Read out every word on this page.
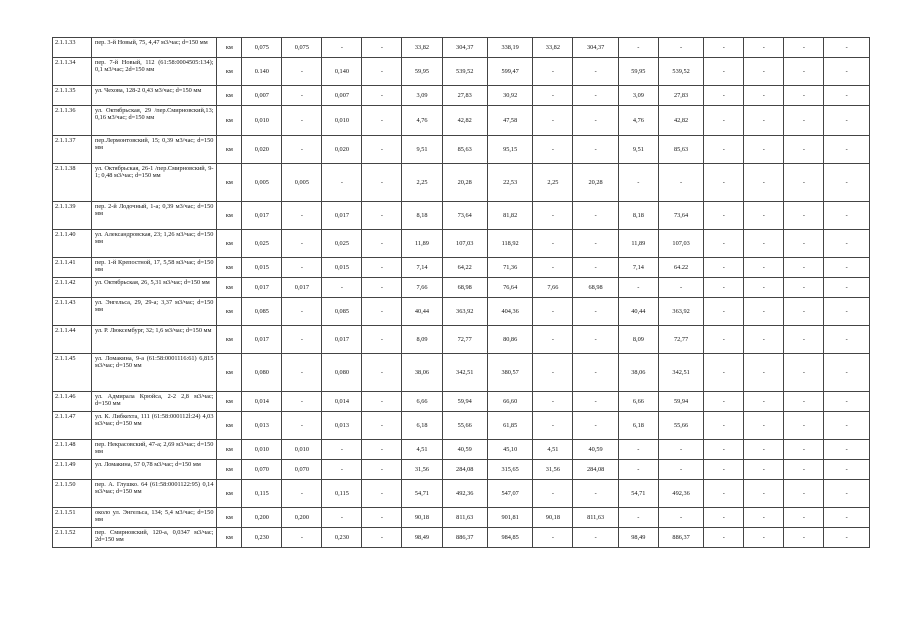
2.1.1.33	пер. 3-й Новый, 75, 4,47 м3/час; d=150 мм	км	0,075	0,075	-	-	33,82	304,37	338,19	33,82	304,37	-	-	-	-	-	-
2.1.1.34	пер. 7-й Новый, 112 (61:58:0004505:134); 0,1 м3/час; 2d=150 мм	км	0.140	-	0,140	-	59,95	539,52	599,47	-	-	59,95	539,52	-	-	-	-
2.1.1.35	ул. Чехова, 128-2 0,43 м3/час; d=150 мм	км	0,007	-	0,007	-	3,09	27,83	30,92	-	-	3,09	27,83	-	-	-	-
2.1.1.36	ул. Октябрьская, 29 /пер.Смирновский,13; 0,16 м3/час; d=150 мм	км	0,010	-	0,010	-	4,76	42,82	47,58	-	-	4,76	42,82	-	-	-	-
2.1.1.37	пер.Лермонтовский, 15; 0,39 м3/час; d=150 мм	км	0,020	-	0,020	-	9,51	85,63	95,15	-	-	9,51	85,63	-	-	-	-
2.1.1.38	ул. Октябрьская, 26-1 /пер.Смирновский, 9-1; 0,48 м3/час; d=150 мм	км	0,005	0,005	-	-	2,25	20,28	22,53	2,25	20,28	-	-	-	-	-	-
2.1.1.39	пер. 2-й Лодочный, 1-а; 0,39 м3/час; d=150 мм	км	0,017	-	0,017	-	8,18	73,64	81,82	-	-	8,18	73,64	-	-	-	-
2.1.1.40	ул. Александровская, 23; 1,26 м3/час; d=150 мм	км	0,025	-	0,025	-	11,89	107,03	118,92	-	-	11,89	107,03	-	-	-	-
2.1.1.41	пер. 1-й Крепостной, 17, 5,58 м3/час; d=150 мм	км	0,015	-	0,015	-	7,14	64,22	71,36	-	-	7,14	64.22	-	-	-	-
2.1.1.42	ул. Октябрьская, 26, 5,31 м3/час; d=150 мм	км	0,017	0,017	-	-	7,66	68,98	76,64	7,66	68,98	-	-	-	-	-	-
2.1.1.43	ул. Энгельса, 29, 29-а; 3,37 м3/час; d=150 мм	км	0,085	-	0,085	-	40,44	363,92	404,36	-	-	40,44	363,92	-	-	-	-
2.1.1.44	ул. Р. Люксембург, 32; 1,6 м3/час; d=150 мм	км	0,017	-	0,017	-	8,09	72,77	80,86	-	-	8,09	72,77	-	-	-	-
2.1.1.45	ул. Ломакина, 9-а (61:58:0001116:61) 6,815 м3/час; d=150 мм	км	0,080	-	0,080	-	38,06	342,51	380,57	-	-	38,06	342,51	-	-	-	-
2.1.1.46	ул. Адмирала Крюйса, 2-2 2,8 м3/час; d=150 мм	км	0,014	-	0,014	-	6,66	59,94	66,60	-	-	6,66	59,94	-	-	-	-
2.1.1.47	ул. К. Либкехта, 111 (61:58:000112l:24) 4,03 м3/час; d=150 мм	км	0,013	-	0,013	-	6,18	55,66	61,85	-	-	6,18	55,66	-	-	-	-
2.1.1.48	пер. Некрасовский, 47-а; 2,69 м3/час; d=150 мм	км	0,010	0,010	-	-	4,51	40,59	45,10	4,51	40,59	-	-	-	-	-	-
2.1.1.49	ул. Ломакина, 57 0,78 м3/час; d=150 мм	км	0,070	0,070	-	-	31,56	284,08	315,65	31,56	284,08	-	-	-	-	-	-
2.1.1.50	пер. А. Глушко. 64 (61:58:0001122:95) 0,14 м3/час; d=150 мм	км	0,115	-	0,115	-	54,71	492,36	547,07	-	-	54,71	492,36	-	-	-	-
2.1.1.51	около ул. Энгельса, 134; 5,4 м3/час; d=150 мм	км	0,200	0,200	-	-	90,18	811,63	901,81	90,18	811,63	-	-	-	-	-	-
2.1.1.52	пер. Смирновский, 120-a, 0,0347 м3/час; 2d=150 мм	км	0,230	-	0,230	-	98,49	886,37	984,85	-	-	98,49	886,37	-	-	-	-
